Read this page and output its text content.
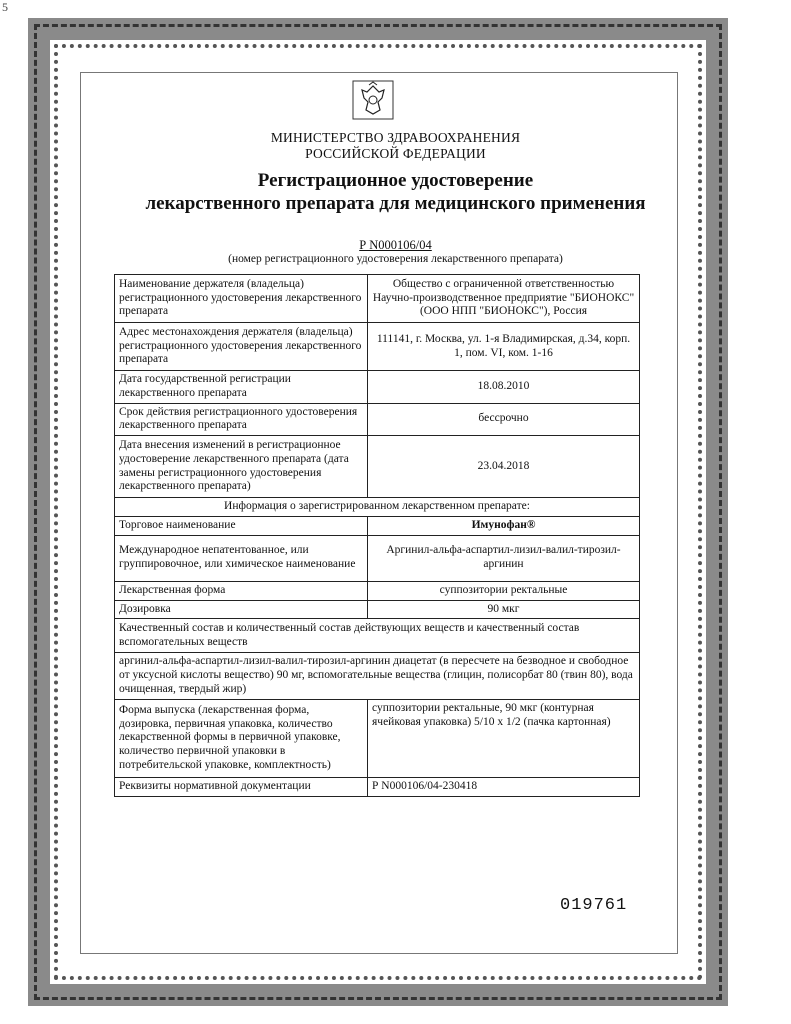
5
МИНИСТЕРСТВО ЗДРАВООХРАНЕНИЯ
РОССИЙСКОЙ ФЕДЕРАЦИИ
Регистрационное удостоверение
лекарственного препарата для медицинского применения
Р N000106/04
(номер регистрационного удостоверения лекарственного препарата)
Наименование держателя (владельца) регистрационного удостоверения лекарственного препарата	Общество с ограниченной ответственностью Научно-производственное предприятие "БИОНОКС" (ООО НПП "БИОНОКС"), Россия
Адрес местонахождения держателя (владельца) регистрационного удостоверения лекарственного препарата	111141, г. Москва, ул. 1-я Владимирская, д.34, корп. 1, пом. VI, ком. 1-16
Дата государственной регистрации лекарственного препарата	18.08.2010
Срок действия регистрационного удостоверения лекарственного препарата	бессрочно
Дата внесения изменений в регистрационное удостоверение лекарственного препарата (дата замены регистрационного удостоверения лекарственного препарата)	23.04.2018
Информация о зарегистрированном лекарственном препарате:	
Торговое наименование	Имунофан®
Международное непатентованное, или группировочное, или химическое наименование	Аргинил-альфа-аспартил-лизил-валил-тирозил-аргинин
Лекарственная форма	суппозитории ректальные
Дозировка	90 мкг
Качественный состав и количественный состав действующих веществ и качественный состав вспомогательных веществ	
аргинил-альфа-аспартил-лизил-валил-тирозил-аргинин диацетат (в пересчете на безводное и свободное от уксусной кислоты вещество) 90 мг, вспомогательные вещества (глицин, полисорбат 80 (твин 80), вода очищенная, твердый жир)	
Форма выпуска (лекарственная форма, дозировка, первичная упаковка, количество лекарственной формы в первичной упаковке, количество первичной упаковки в потребительской упаковке, комплектность)	суппозитории ректальные, 90 мкг (контурная ячейковая упаковка) 5/10 х 1/2 (пачка картонная)
Реквизиты нормативной документации	Р N000106/04-230418
019761
